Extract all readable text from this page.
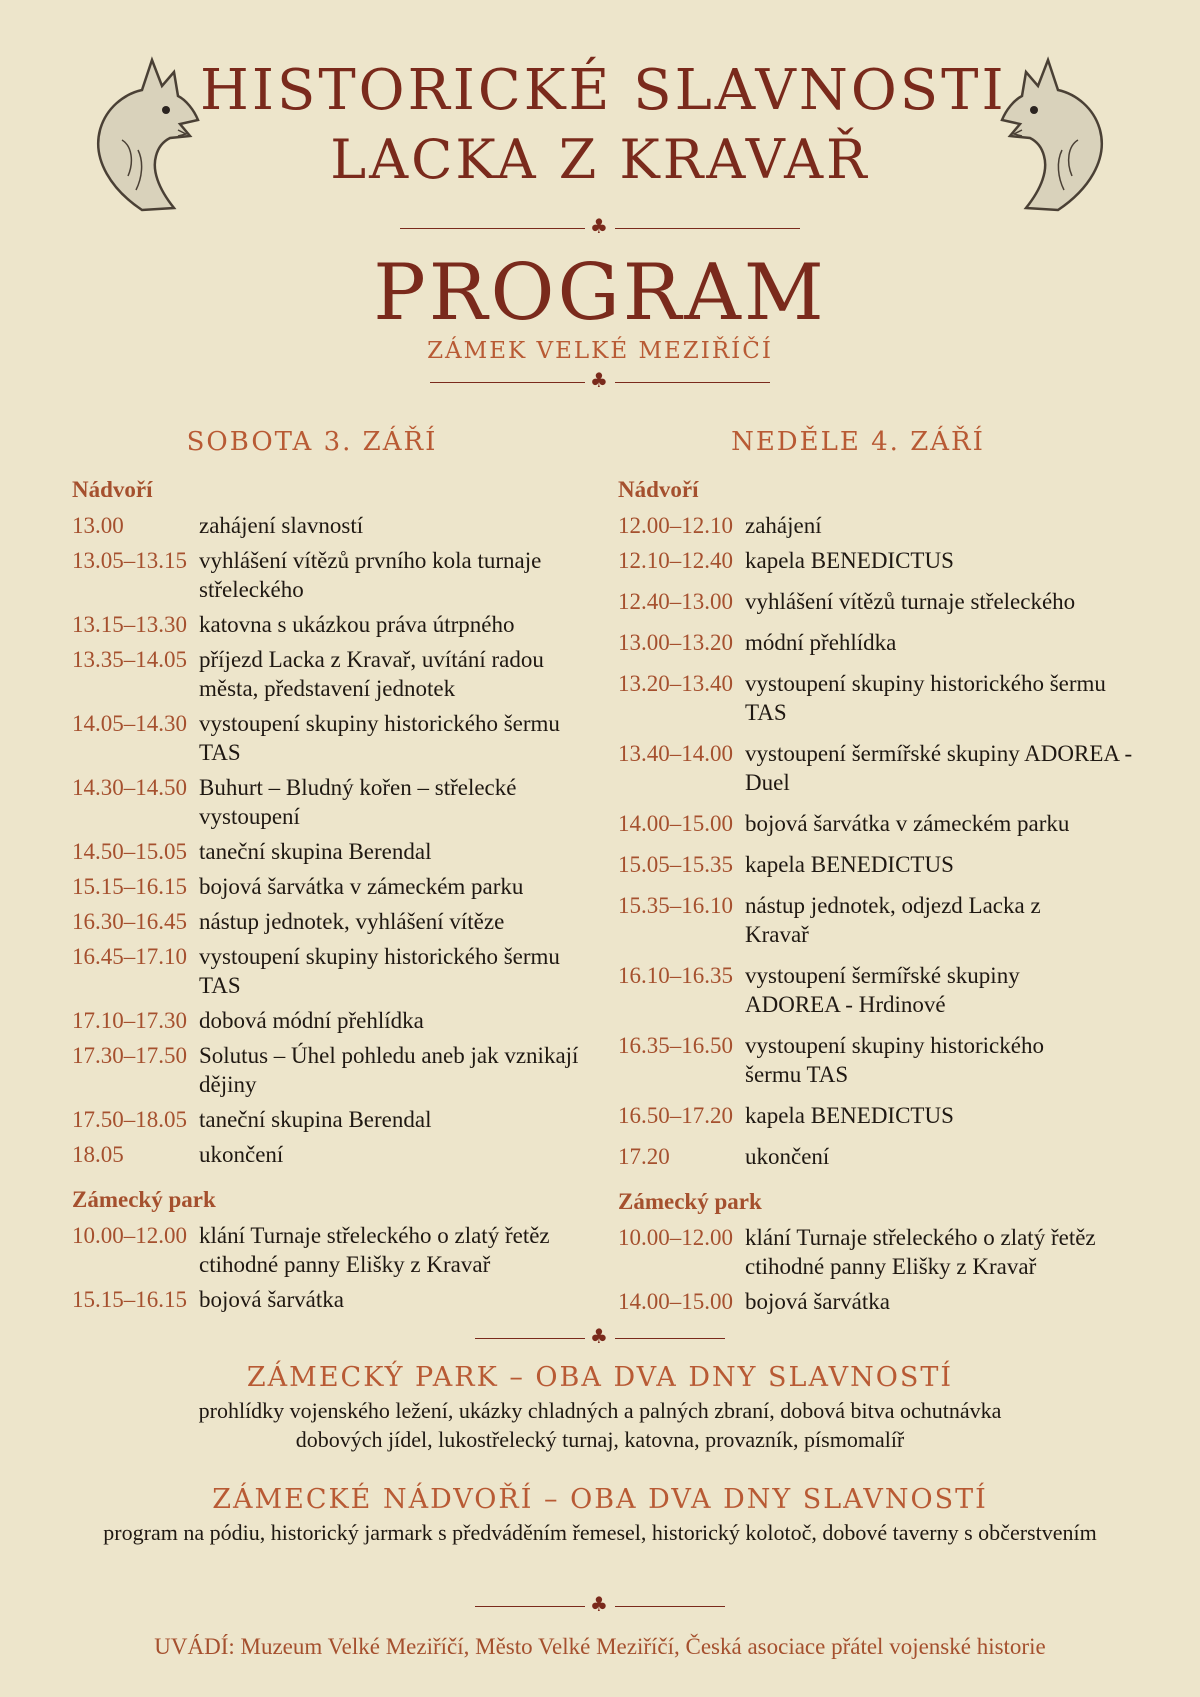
HISTORICKÉ SLAVNOSTI
LACKA Z KRAVAŘ
♣
PROGRAM
ZÁMEK VELKÉ MEZIŘÍČÍ
♣
SOBOTA 3. ZÁŘÍ
Nádvoří
13.00	zahájení slavností
13.05–13.15 vyhlášení vítězů prvního kola turnaje střeleckého
13.15–13.30 katovna s ukázkou práva útrpného
13.35–14.05 příjezd Lacka z Kravař, uvítání radou města, představení jednotek
14.05–14.30 vystoupení skupiny historického šermu TAS
14.30–14.50 Buhurt – Bludný kořen – střelecké vystoupení
14.50–15.05 taneční skupina Berendal
15.15–16.15 bojová šarvátka v zámeckém parku
16.30–16.45 nástup jednotek, vyhlášení vítěze
16.45–17.10 vystoupení skupiny historického šermu TAS
17.10–17.30 dobová módní přehlídka
17.30–17.50 Solutus – Úhel pohledu aneb jak vznikají dějiny
17.50–18.05 taneční skupina Berendal
18.05	ukončení
Zámecký park
10.00–12.00 klání Turnaje střeleckého o zlatý řetěz ctihodné panny Elišky z Kravař
15.15–16.15 bojová šarvátka
NEDĚLE 4. ZÁŘÍ
Nádvoří
12.00–12.10 zahájení
12.10–12.40 kapela BENEDICTUS
12.40–13.00 vyhlášení vítězů turnaje střeleckého
13.00–13.20 módní přehlídka
13.20–13.40 vystoupení skupiny historického šermu TAS
13.40–14.00 vystoupení šermířské skupiny ADOREA - Duel
14.00–15.00 bojová šarvátka v zámeckém parku
15.05–15.35 kapela BENEDICTUS
15.35–16.10 nástup jednotek, odjezd Lacka z Kravař
16.10–16.35 vystoupení šermířské skupiny ADOREA - Hrdinové
16.35–16.50 vystoupení skupiny historického šermu TAS
16.50–17.20 kapela BENEDICTUS
17.20	ukončení
Zámecký park
10.00–12.00 klání Turnaje střeleckého o zlatý řetěz ctihodné panny Elišky z Kravař
14.00–15.00 bojová šarvátka
♣
ZÁMECKÝ PARK – OBA DVA DNY SLAVNOSTÍ
prohlídky vojenského ležení, ukázky chladných a palných zbraní, dobová bitva ochutnávka dobových jídel, lukostřelecký turnaj, katovna, provazník, písmomalíř
ZÁMECKÉ NÁDVOŘÍ – OBA DVA DNY SLAVNOSTÍ
program na pódiu, historický jarmark s předváděním řemesel, historický kolotoč, dobové taverny s občerstvením
♣
UVÁDÍ: Muzeum Velké Meziříčí, Město Velké Meziříčí, Česká asociace přátel vojenské historie
